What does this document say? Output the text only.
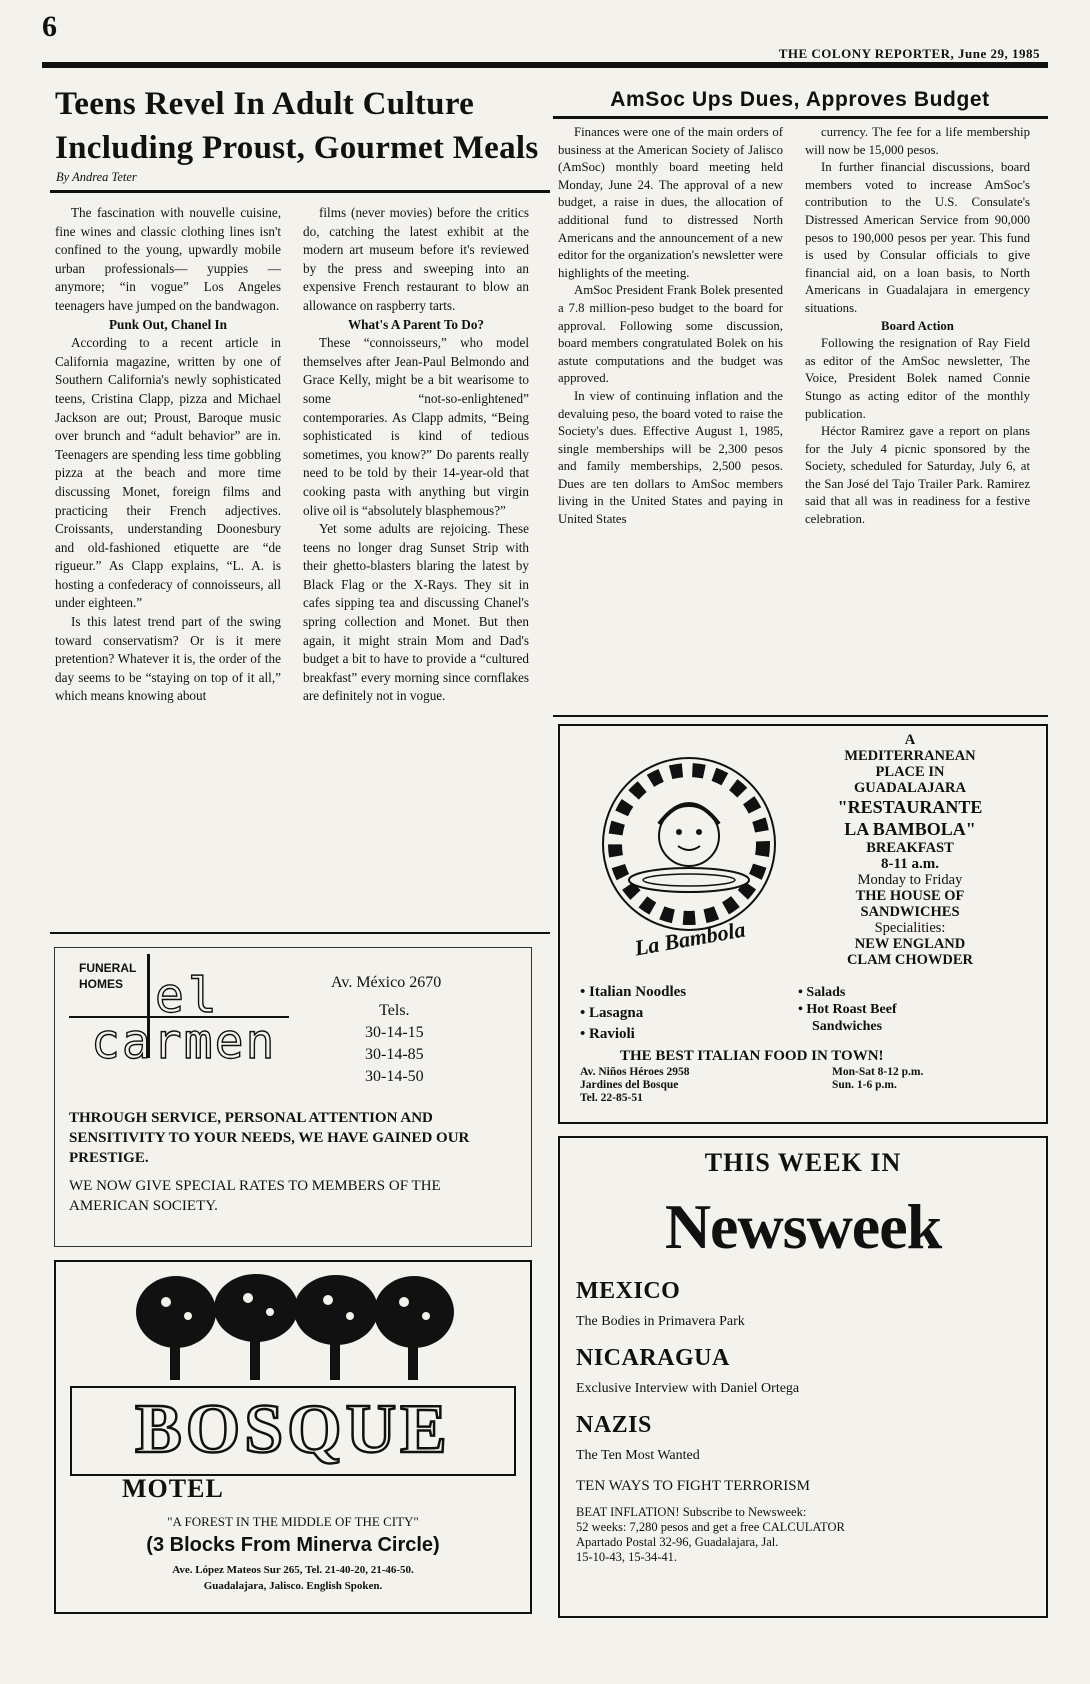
6
THE COLONY REPORTER, June 29, 1985
Teens Revel In Adult Culture
Including Proust, Gourmet Meals
By Andrea Teter

The fascination with nouvelle cuisine, fine wines and classic clothing lines isn't confined to the young, upwardly mobile urban professionals— yuppies — anymore; “in vogue” Los Angeles teenagers have jumped on the bandwagon.

Punk Out, Chanel In

According to a recent article in California magazine, written by one of Southern California's newly sophisticated teens, Cristina Clapp, pizza and Michael Jackson are out; Proust, Baroque music over brunch and “adult behavior” are in. Teenagers are spending less time gobbling pizza at the beach and more time discussing Monet, foreign films and practicing their French adjectives. Croissants, understanding Doonesbury and old-fashioned etiquette are “de rigueur.” As Clapp explains, “L. A. is hosting a confederacy of connoisseurs, all under eighteen.”

Is this latest trend part of the swing toward conservatism? Or is it mere pretention? Whatever it is, the order of the day seems to be “staying on top of it all,” which means knowing about

films (never movies) before the critics do, catching the latest exhibit at the modern art museum before it's reviewed by the press and sweeping into an expensive French restaurant to blow an allowance on raspberry tarts.

What's A Parent To Do?

These “connoisseurs,” who model themselves after Jean-Paul Belmondo and Grace Kelly, might be a bit wearisome to some “not-so-enlightened” contemporaries. As Clapp admits, “Being sophisticated is kind of tedious sometimes, you know?” Do parents really need to be told by their 14-year-old that cooking pasta with anything but virgin olive oil is “absolutely blasphemous?”

Yet some adults are rejoicing. These teens no longer drag Sunset Strip with their ghetto-blasters blaring the latest by Black Flag or the X-Rays. They sit in cafes sipping tea and discussing Chanel's spring collection and Monet. But then again, it might strain Mom and Dad's budget a bit to have to provide a “cultured breakfast” every morning since cornflakes are definitely not in vogue.

AmSoc Ups Dues, Approves Budget

Finances were one of the main orders of business at the American Society of Jalisco (AmSoc) monthly board meeting held Monday, June 24. The approval of a new budget, a raise in dues, the allocation of additional fund to distressed North Americans and the announcement of a new editor for the organization's newsletter were highlights of the meeting.

AmSoc President Frank Bolek presented a 7.8 million-peso budget to the board for approval. Following some discussion, board members congratulated Bolek on his astute computations and the budget was approved.

In view of continuing inflation and the devaluing peso, the board voted to raise the Society's dues. Effective August 1, 1985, single memberships will be 2,300 pesos and family memberships, 2,500 pesos. Dues are ten dollars to AmSoc members living in the United States and paying in United States

currency. The fee for a life membership will now be 15,000 pesos.

In further financial discussions, board members voted to increase AmSoc's contribution to the U.S. Consulate's Distressed American Service from 90,000 pesos to 190,000 pesos per year. This fund is used by Consular officials to give financial aid, on a loan basis, to North Americans in Guadalajara in emergency situations.

Board Action

Following the resignation of Ray Field as editor of the AmSoc newsletter, The Voice, President Bolek named Connie Stungo as acting editor of the monthly publication.

Héctor Ramirez gave a report on plans for the July 4 picnic sponsored by the Society, scheduled for Saturday, July 6, at the San José del Tajo Trailer Park. Ramirez said that all was in readiness for a festive celebration.

FUNERAL
HOMES el
carmen
Av. México 2670
Tels.
30-14-15
30-14-85
30-14-50
THROUGH SERVICE, PERSONAL ATTENTION AND SENSITIVITY TO YOUR NEEDS, WE HAVE GAINED OUR PRESTIGE.
WE NOW GIVE SPECIAL RATES TO MEMBERS OF THE AMERICAN SOCIETY.
BOSQUE
MOTEL
"A FOREST IN THE MIDDLE OF THE CITY"
(3 Blocks From Minerva Circle)
Ave. López Mateos Sur 265, Tel. 21-40-20, 21-46-50.
Guadalajara, Jalisco. English Spoken.
La Bambola
A
MEDITERRANEAN
PLACE IN
GUADALAJARA
"RESTAURANTE
LA BAMBOLA"
BREAKFAST
8-11 a.m.
Monday to Friday
THE HOUSE OF
SANDWICHES
Specialities:
NEW ENGLAND
CLAM CHOWDER
• Italian Noodles
• Lasagna
• Ravioli
• Salads
• Hot Roast Beef
Sandwiches
THE BEST ITALIAN FOOD IN TOWN!
Av. Niños Héroes 2958
Jardines del Bosque
Tel. 22-85-51
Mon-Sat 8-12 p.m.
Sun. 1-6 p.m.
THIS WEEK IN
Newsweek
MEXICO
The Bodies in Primavera Park
NICARAGUA
Exclusive Interview with Daniel Ortega
NAZIS
The Ten Most Wanted
TEN WAYS TO FIGHT TERRORISM
BEAT INFLATION! Subscribe to Newsweek:
52 weeks: 7,280 pesos and get a free CALCULATOR
Apartado Postal 32-96, Guadalajara, Jal.
15-10-43, 15-34-41.
